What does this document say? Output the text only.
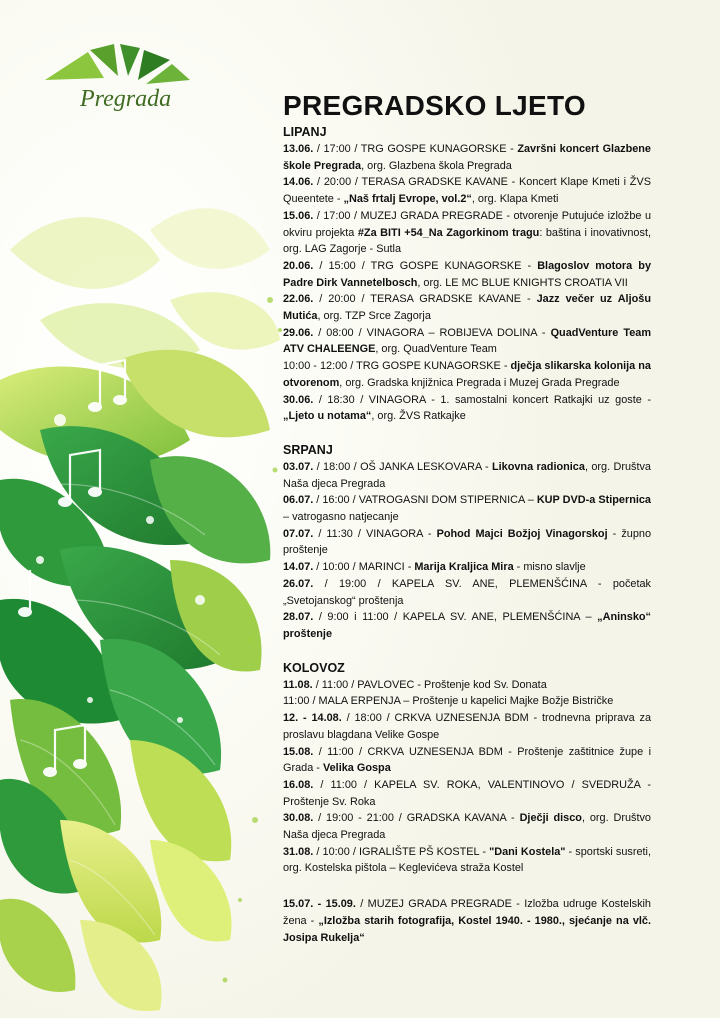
Pregrada	PREGRADSKO LJETO
LIPANJ
13.06. / 17:00 / TRG GOSPE KUNAGORSKE - Završni koncert Glazbene škole Pregrada, org. Glazbena škola Pregrada
14.06. / 20:00 / TERASA GRADSKE KAVANE - Koncert Klape Kmeti i ŽVS Queentete - „Naš frtalj Evrope, vol.2“, org. Klapa Kmeti
15.06. / 17:00 / MUZEJ GRADA PREGRADE - otvorenje Putujuće izložbe u okviru projekta #Za BITI +54_Na Zagorkinom tragu: baština i inovativnost, org. LAG Zagorje - Sutla
20.06. / 15:00 / TRG GOSPE KUNAGORSKE - Blagoslov motora by Padre Dirk Vannetelbosch, org. LE MC BLUE KNIGHTS CROATIA VII
22.06. / 20:00 / TERASA GRADSKE KAVANE - Jazz večer uz Aljošu Mutića, org. TZP Srce Zagorja
29.06. / 08:00 / VINAGORA – ROBIJEVA DOLINA - QuadVenture Team ATV CHALEENGE, org. QuadVenture Team
10:00 - 12:00 / TRG GOSPE KUNAGORSKE - dječja slikarska kolonija na otvorenom, org. Gradska knjižnica Pregrada i Muzej Grada Pregrade
30.06. / 18:30 / VINAGORA - 1. samostalni koncert Ratkajki uz goste - „Ljeto u notama“, org. ŽVS Ratkajke
SRPANJ
03.07. / 18:00 / OŠ JANKA LESKOVARA - Likovna radionica, org. Društva Naša djeca Pregrada
06.07. / 16:00 / VATROGASNI DOM STIPERNICA – KUP DVD-a Stipernica – vatrogasno natjecanje
07.07. / 11:30 / VINAGORA - Pohod Majci Božjoj Vinagorskoj - župno proštenje
14.07. / 10:00 / MARINCI - Marija Kraljica Mira - misno slavlje
26.07. / 19:00 / KAPELA SV. ANE, PLEMENŠĆINA - početak „Svetojanskog“ proštenja
28.07. / 9:00 i 11:00 / KAPELA SV. ANE, PLEMENŠĆINA – „Aninsko“ proštenje
KOLOVOZ
11.08. / 11:00 / PAVLOVEC - Proštenje kod Sv. Donata
11:00 / MALA ERPENJA – Proštenje u kapelici Majke Božje Bistričke
12. - 14.08. / 18:00 / CRKVA UZNESENJA BDM - trodnevna priprava za proslavu blagdana Velike Gospe
15.08. / 11:00 / CRKVA UZNESENJA BDM - Proštenje zaštitnice župe i Grada - Velika Gospa
16.08. / 11:00 / KAPELA SV. ROKA, VALENTINOVO / SVEDRUŽA - Proštenje Sv. Roka
30.08. / 19:00 - 21:00 / GRADSKA KAVANA - Dječji disco, org. Društvo Naša djeca Pregrada
31.08. / 10:00 / IGRALIŠTE PŠ KOSTEL - "Dani Kostela" - sportski susreti, org. Kostelska pištola – Keglevićeva straža Kostel
15.07. - 15.09. / MUZEJ GRADA PREGRADE - Izložba udruge Kostelskih žena - „Izložba starih fotografija, Kostel 1940. - 1980., sjećanje na vlč. Josipa Rukelja“
